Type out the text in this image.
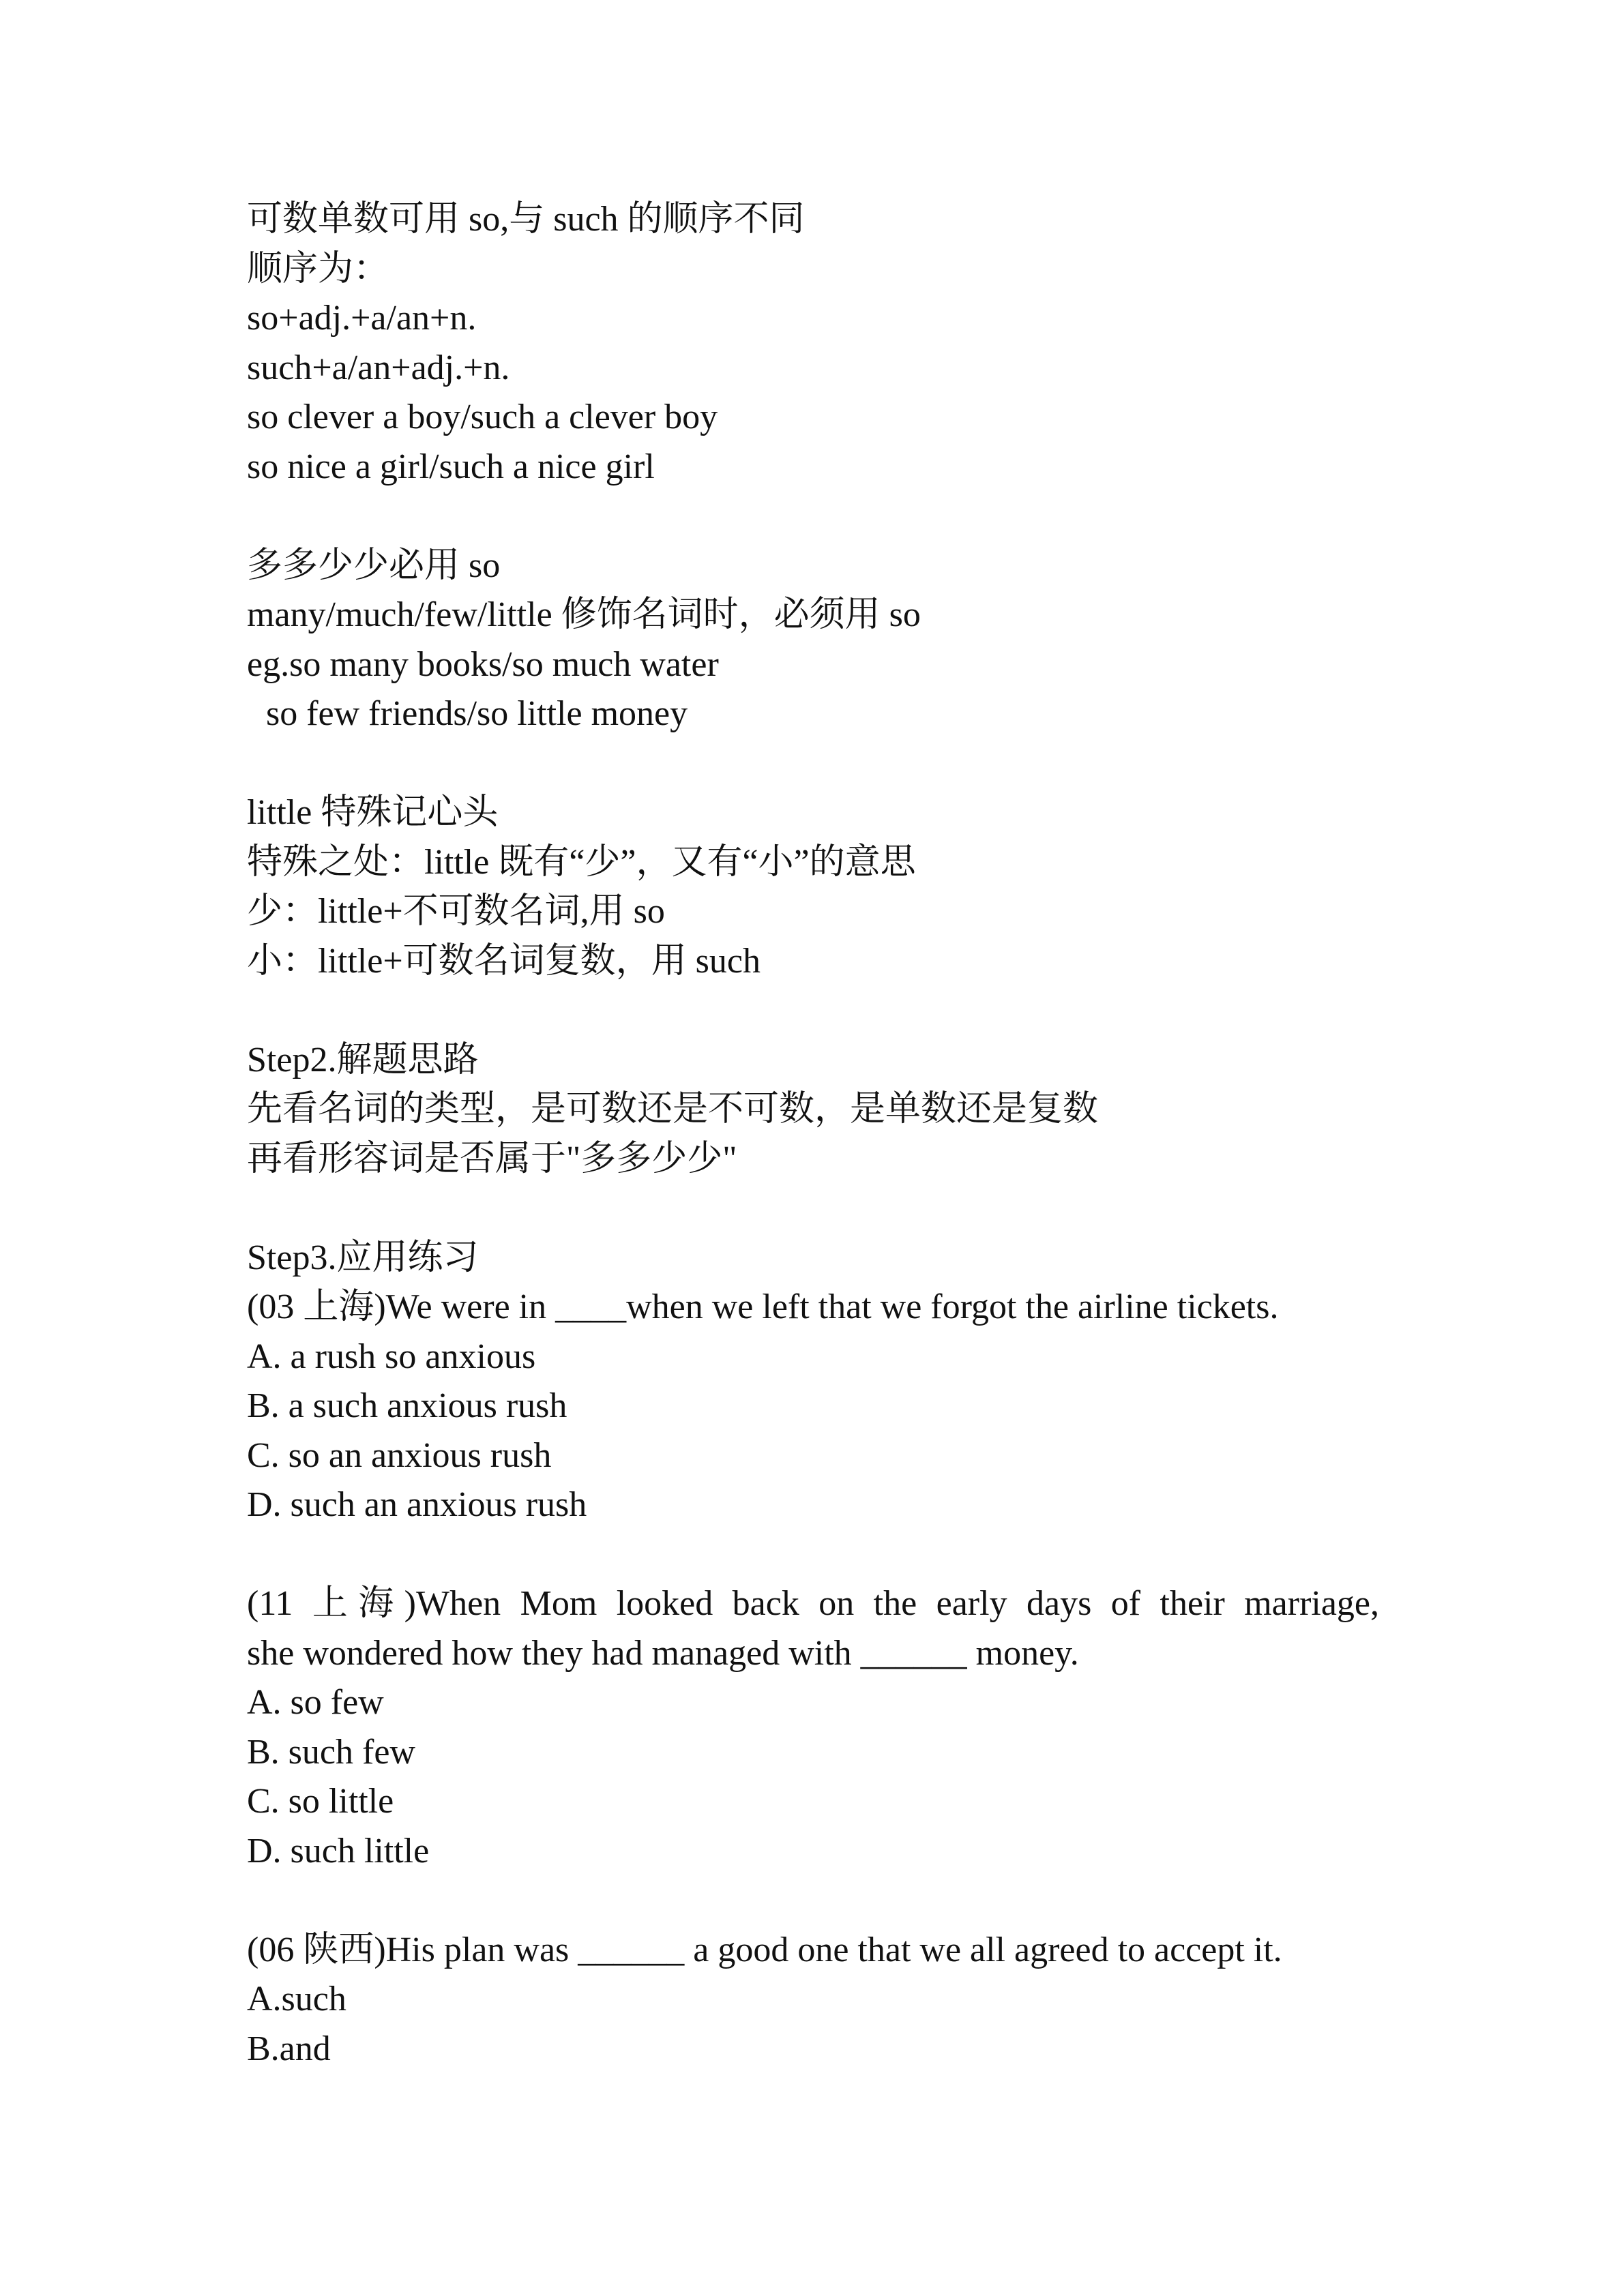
可数单数可用 so,与 such 的顺序不同
顺序为：
so+adj.+a/an+n.
such+a/an+adj.+n.
so clever a boy/such a clever boy
so nice a girl/such a nice girl
多多少少必用 so
many/much/few/little 修饰名词时，必须用 so
eg.so many books/so much water
so few friends/so little money
little 特殊记心头
特殊之处：little 既有“少”，又有“小”的意思
少：little+不可数名词,用 so
小：little+可数名词复数，用 such
Step2.解题思路
先看名词的类型，是可数还是不可数，是单数还是复数
再看形容词是否属于"多多少少"
Step3.应用练习
(03 上海)We were in ____when we left that we forgot the airline tickets.
A. a rush so anxious
B. a such anxious rush
C. so an anxious rush
D. such an anxious rush
(11 上海)When Mom looked back on the early days of their marriage,
she wondered how they had managed with ______ money.
A. so few
B. such few
C. so little
D. such little
(06 陕西)His plan was ______ a good one that we all agreed to accept it.
A.such
B.and
